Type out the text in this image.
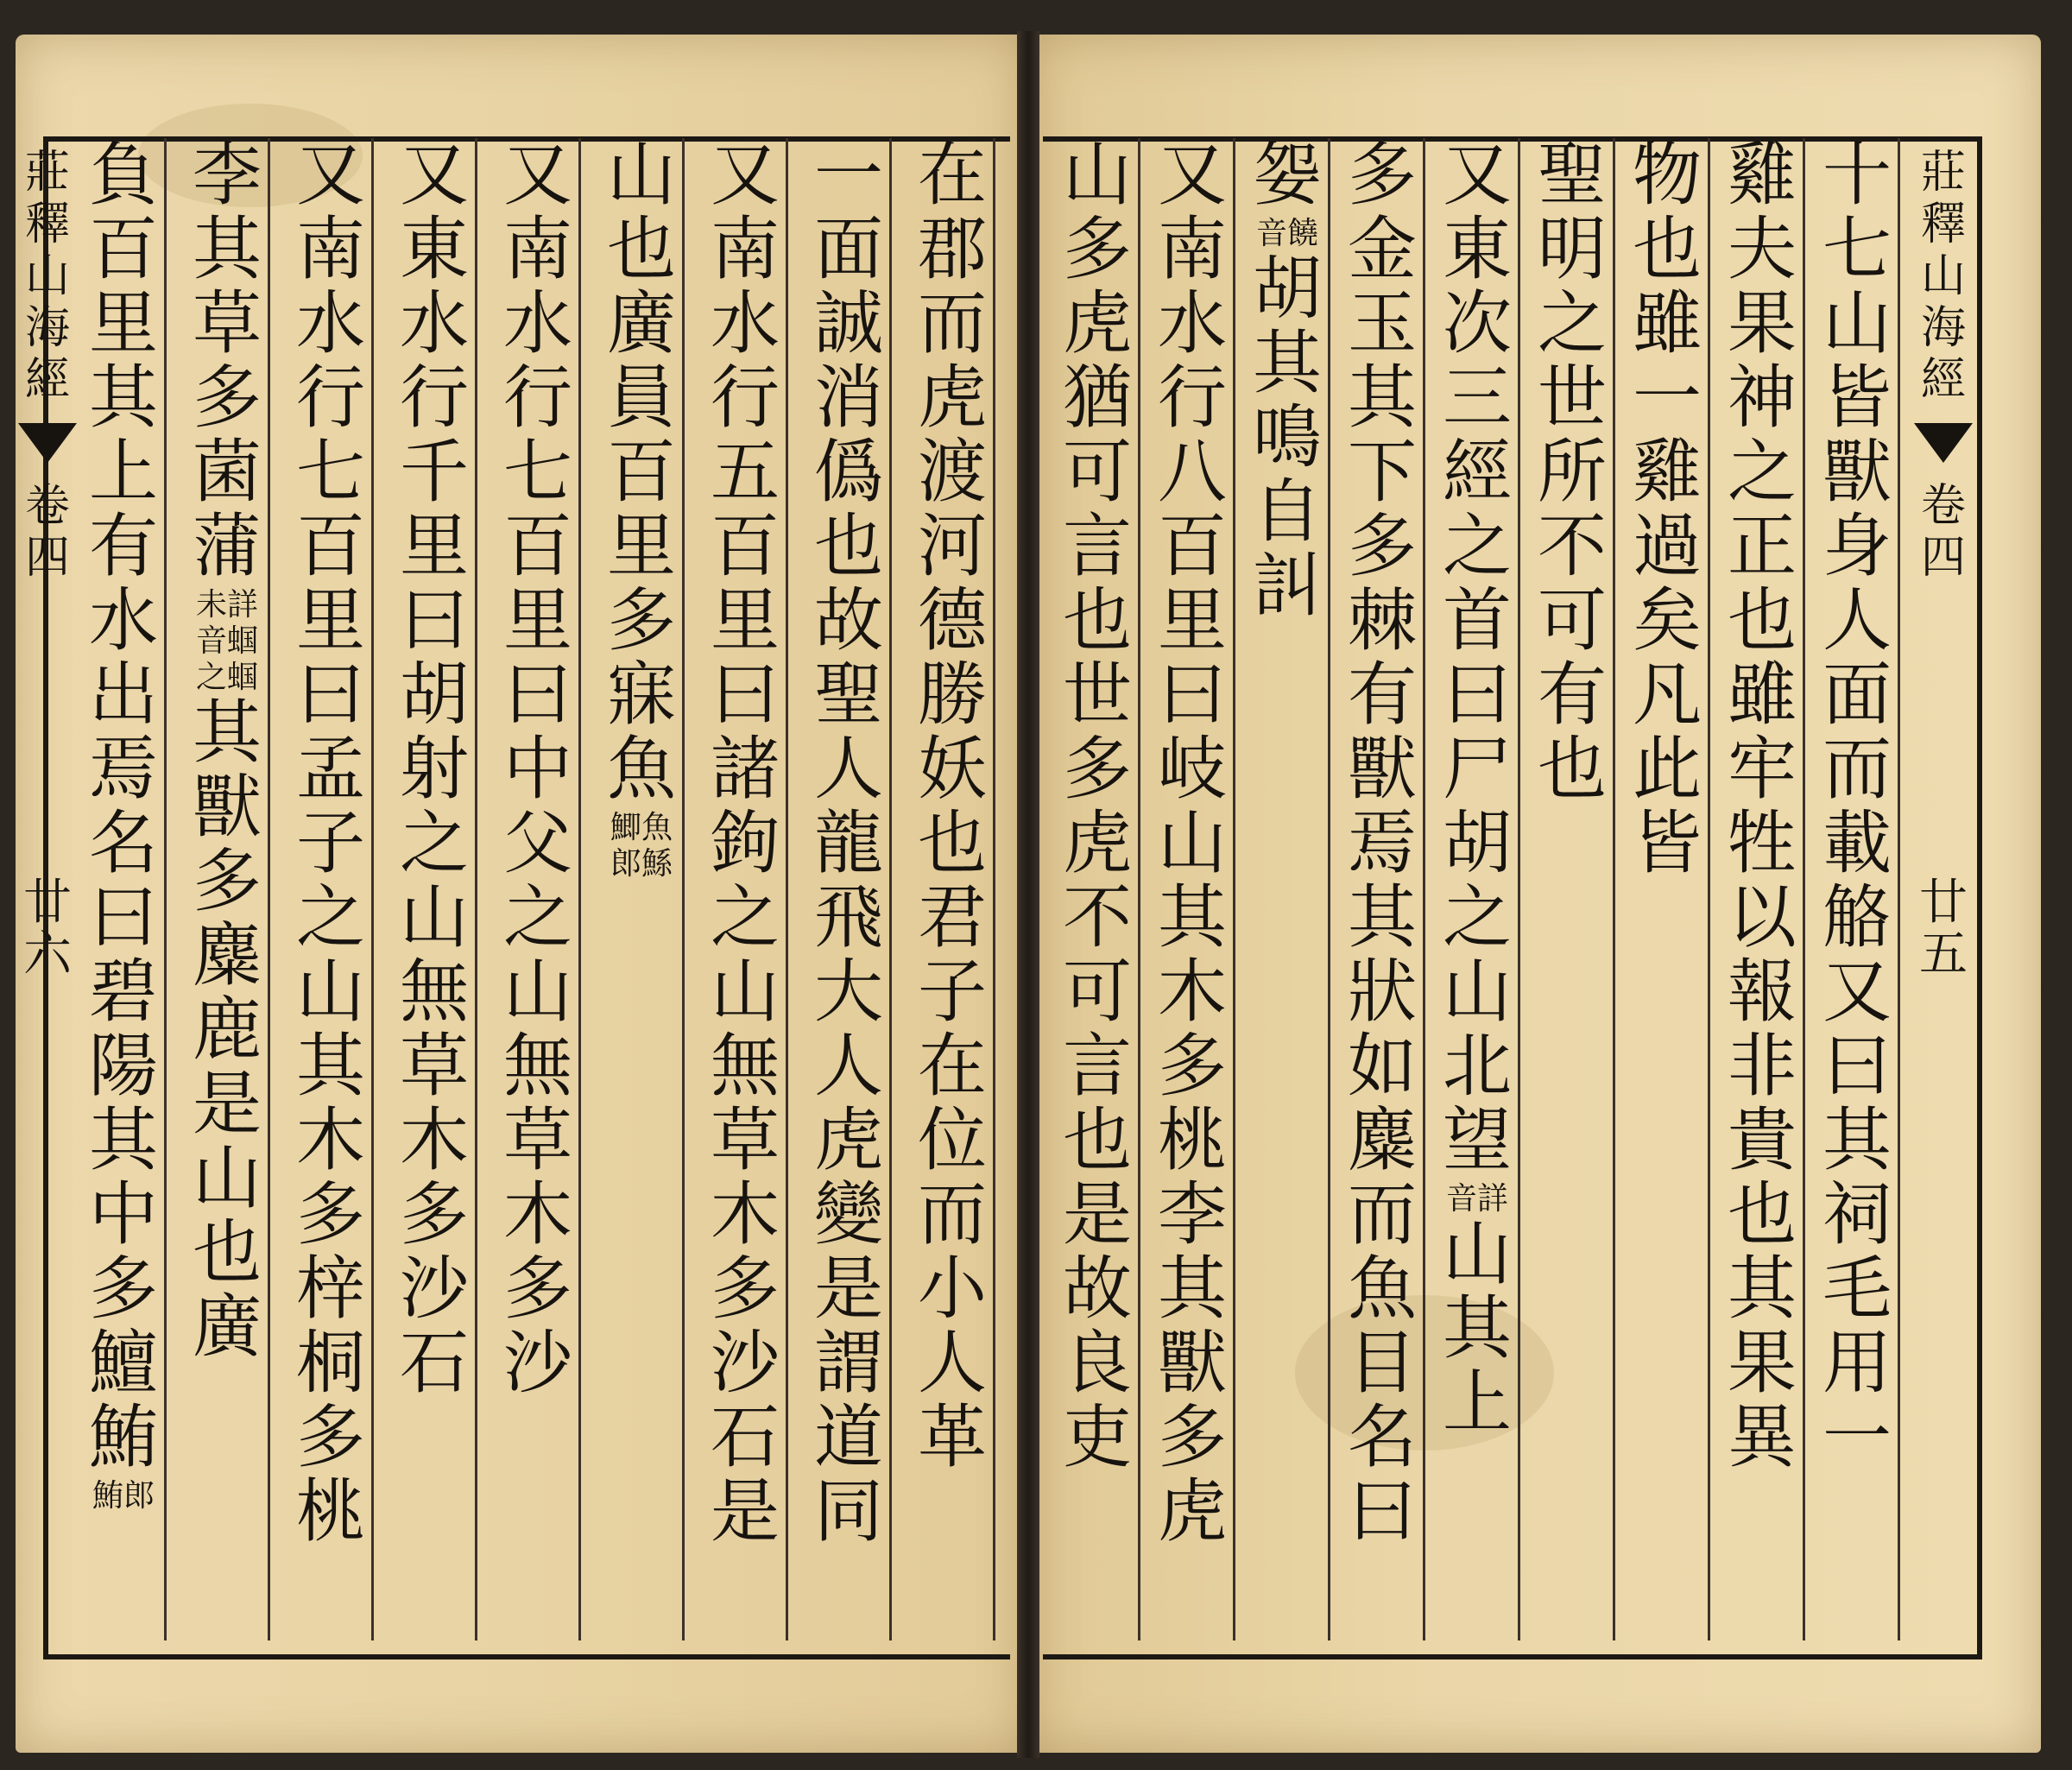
莊釋山海經
卷四
廿六
負百里其上有水出焉名曰碧陽其中多鱣鮪
鮪郎
李其草多菌蒲
未詳音蝈之蝈
其獸多麋鹿是山也廣
又南水行七百里曰孟子之山其木多梓桐多桃
又東水行千里曰胡射之山無草木多沙石
又南水行七百里曰中父之山無草木多沙
山也廣員百里多寐魚
鯽魚郎鯀
又南水行五百里曰諸鉤之山無草木多沙石是
一面誠消僞也故聖人龍飛大人虎變是謂道同
在郡而虎渡河德勝妖也君子在位而小人革
山多虎猶可言也世多虎不可言也是故良吏
又南水行八百里曰岐山其木多桃李其獸多虎
妴
音饒
胡其鳴自訆
多金玉其下多棘有獸焉其狀如麋而魚目名曰
又東次三經之首曰尸胡之山北望
音詳
山其上
聖明之世所不可有也
物也雖一雞過矣凡此皆
雞夫果神之正也雖牢牲以報非貴也其果異
十七山皆獸身人面而載觡又曰其祠毛用一
莊釋山海經
卷四
廿五
